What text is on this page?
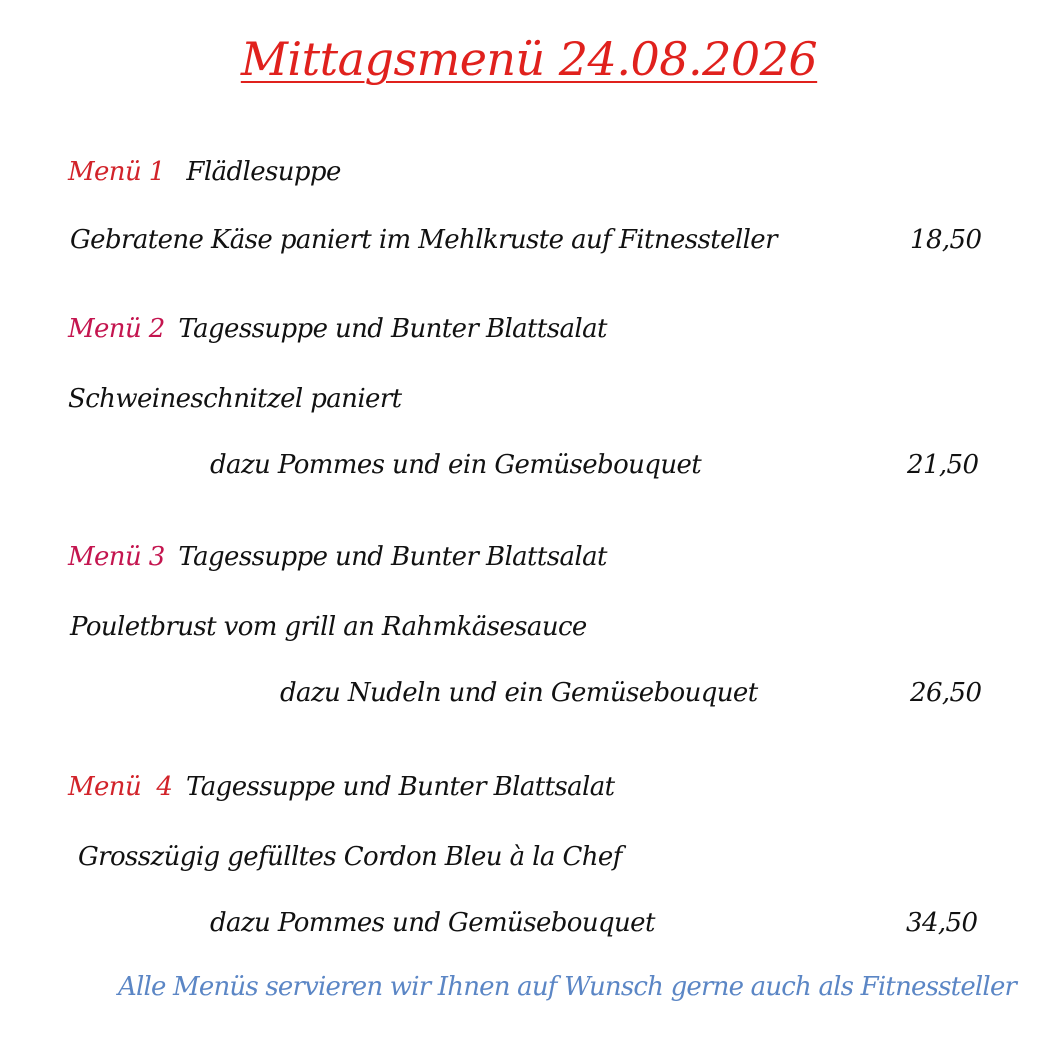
Mittagsmenü 24.08.2026
Menü 1 Flädlesuppe
Gebratene Käse paniert im Mehlkruste auf Fitnessteller	18,50
Menü 2 Tagessuppe und Bunter Blattsalat
Schweineschnitzel paniert
dazu Pommes und ein Gemüsebouquet	21,50
Menü 3 Tagessuppe und Bunter Blattsalat
Pouletbrust vom grill an Rahmkäsesauce
dazu Nudeln und ein Gemüsebouquet	26,50
Menü  4 Tagessuppe und Bunter Blattsalat
Grosszügig gefülltes Cordon Bleu à la Chef
dazu Pommes und Gemüsebouquet	34,50
Alle Menüs servieren wir Ihnen auf Wunsch gerne auch als Fitnessteller
